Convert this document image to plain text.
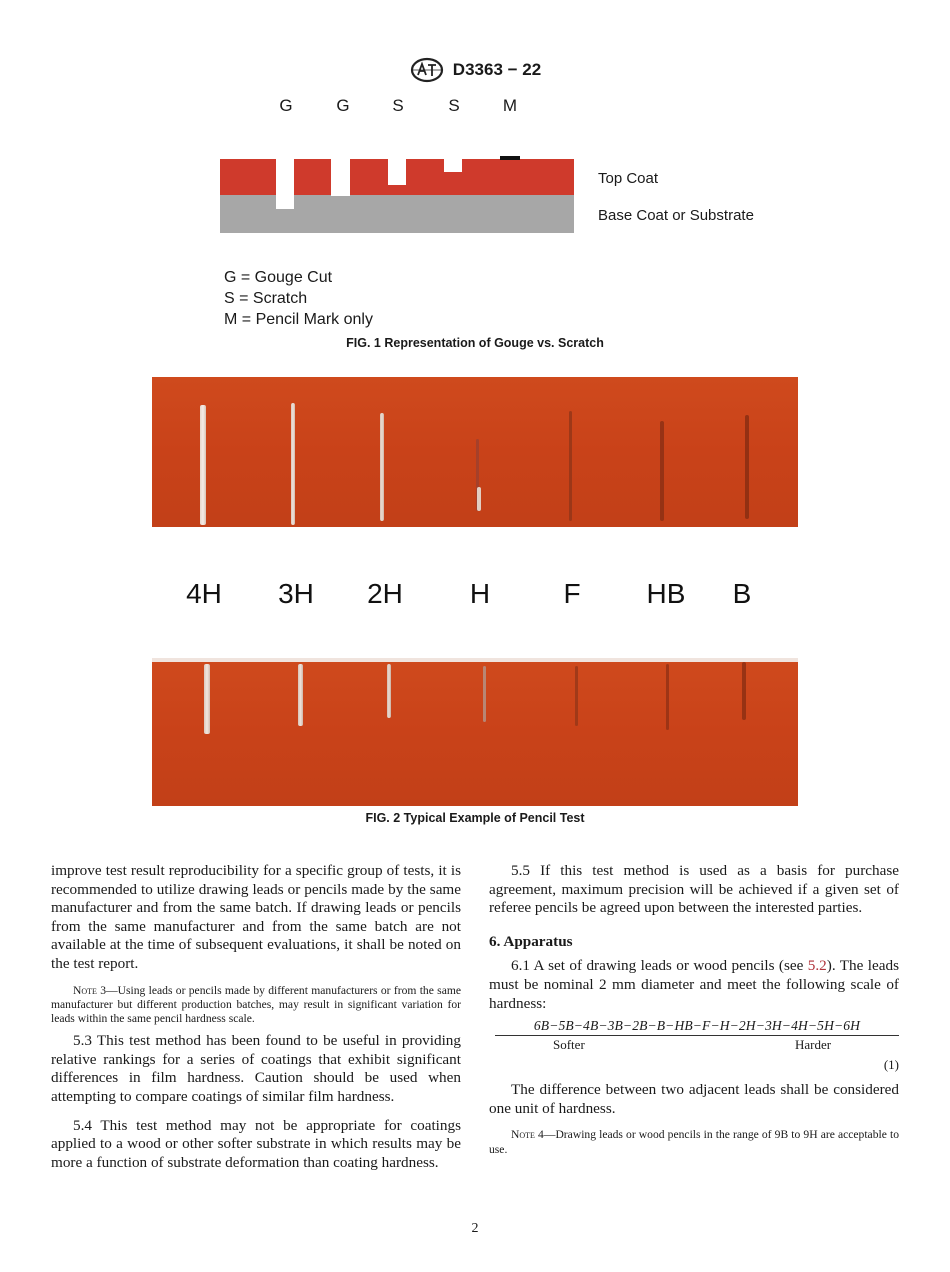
D3363 − 22
G	G	S	S	M
Top Coat
Base Coat or Substrate
G = Gouge Cut
S = Scratch
M = Pencil Mark only
FIG. 1 Representation of Gouge vs. Scratch
4H	3H	2H	H	F	HB	B
FIG. 2 Typical Example of Pencil Test

improve test result reproducibility for a specific group of tests, it is recommended to utilize drawing leads or pencils made by the same manufacturer and from the same batch. If drawing leads or pencils from the same manufacturer and from the same batch are not available at the time of subsequent evaluations, it shall be noted on the test report.

Note 3—Using leads or pencils made by different manufacturers or from the same manufacturer but different production batches, may result in significant variation for leads within the same pencil hardness scale.

5.3 This test method has been found to be useful in providing relative rankings for a series of coatings that exhibit significant differences in film hardness. Caution should be used when attempting to compare coatings of similar film hardness.

5.4 This test method may not be appropriate for coatings applied to a wood or other softer substrate in which results may be more a function of substrate deformation than coating hardness.

5.5 If this test method is used as a basis for purchase agreement, maximum precision will be achieved if a given set of referee pencils be agreed upon between the interested parties.

6. Apparatus

6.1 A set of drawing leads or wood pencils (see 5.2). The leads must be nominal 2 mm diameter and meet the following scale of hardness:

6B−5B−4B−3B−2B−B−HB−F−H−2H−3H−4H−5H−6H
Softer	Harder
(1)

The difference between two adjacent leads shall be considered one unit of hardness.

Note 4—Drawing leads or wood pencils in the range of 9B to 9H are acceptable to use.

2
